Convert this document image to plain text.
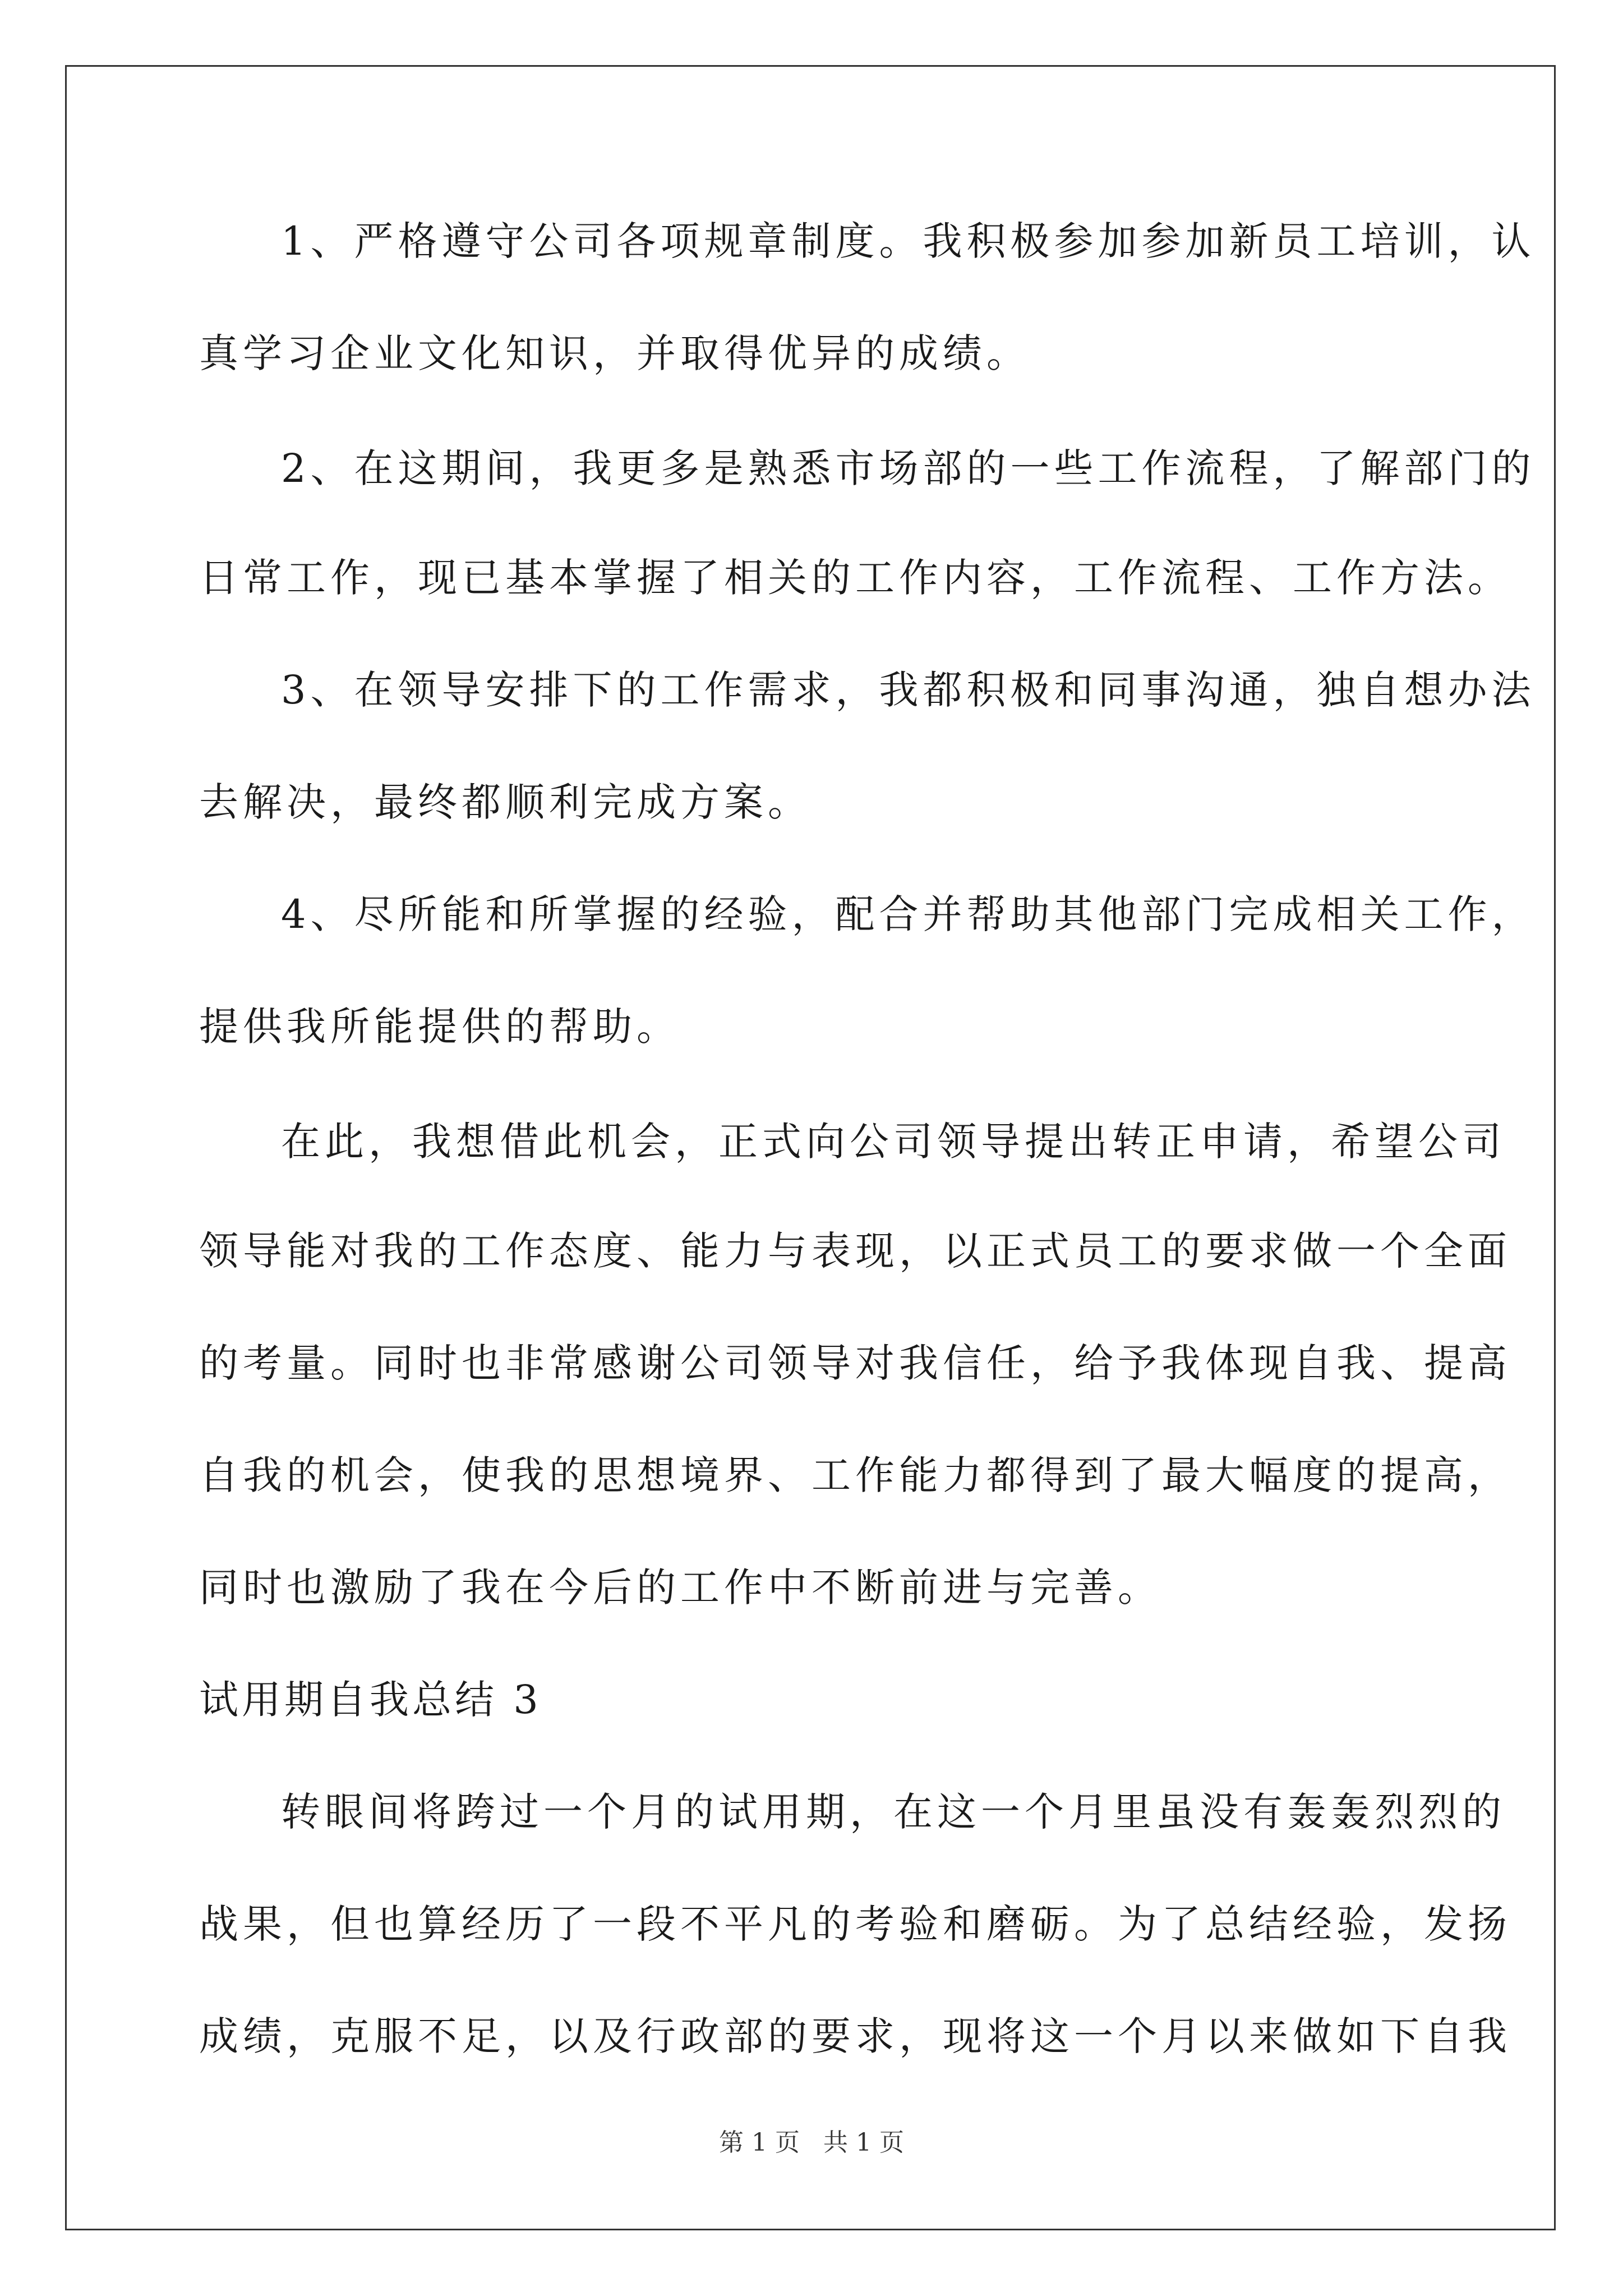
1、严格遵守公司各项规章制度。我积极参加参加新员工培训，认
真学习企业文化知识，并取得优异的成绩。
2、在这期间，我更多是熟悉市场部的一些工作流程，了解部门的
日常工作，现已基本掌握了相关的工作内容，工作流程、工作方法。
3、在领导安排下的工作需求，我都积极和同事沟通，独自想办法
去解决，最终都顺利完成方案。
4、尽所能和所掌握的经验，配合并帮助其他部门完成相关工作，
提供我所能提供的帮助。
在此，我想借此机会，正式向公司领导提出转正申请，希望公司
领导能对我的工作态度、能力与表现，以正式员工的要求做一个全面
的考量。同时也非常感谢公司领导对我信任，给予我体现自我、提高
自我的机会，使我的思想境界、工作能力都得到了最大幅度的提高，
同时也激励了我在今后的工作中不断前进与完善。
试用期自我总结 3
转眼间将跨过一个月的试用期，在这一个月里虽没有轰轰烈烈的
战果，但也算经历了一段不平凡的考验和磨砺。为了总结经验，发扬
成绩，克服不足，以及行政部的要求，现将这一个月以来做如下自我
第 1 页   共 1 页
